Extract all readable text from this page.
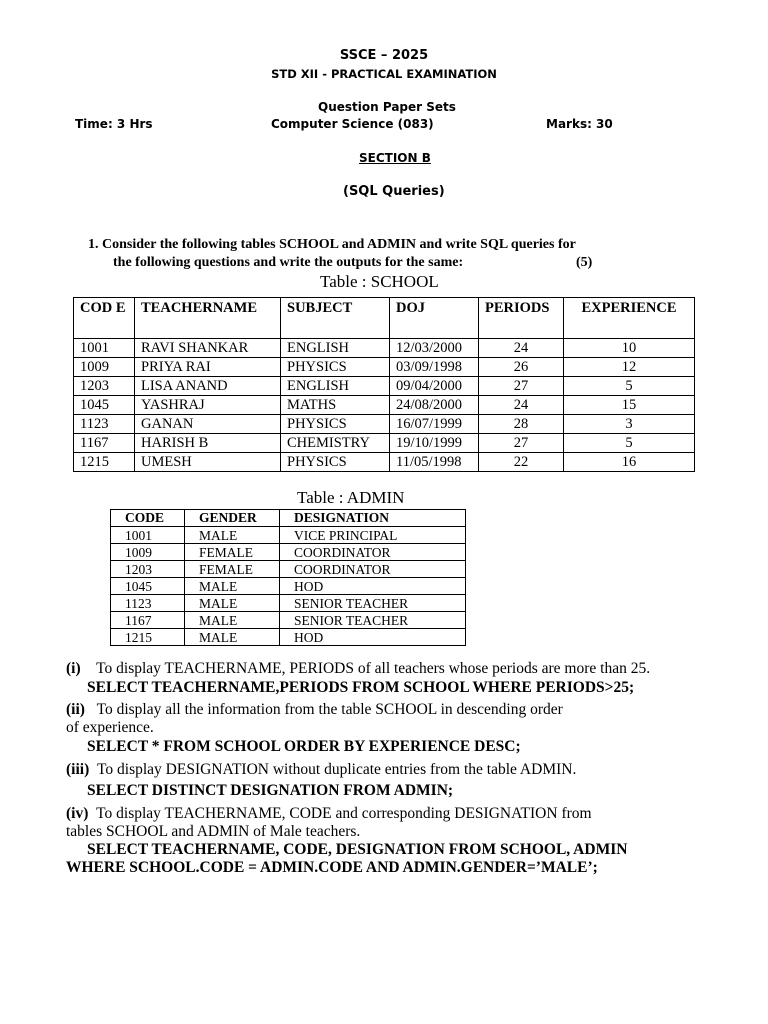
SSCE – 2025
STD XII - PRACTICAL EXAMINATION
Question Paper Sets
Time: 3 Hrs	Computer Science (083)	Marks: 30
SECTION B
(SQL Queries)
1. Consider the following tables SCHOOL and ADMIN and write SQL queries for
the following questions and write the outputs for the same:	(5)
Table : SCHOOL
COD E	TEACHERNAME	SUBJECT	DOJ	PERIODS	EXPERIENCE
1001	RAVI SHANKAR	ENGLISH	12/03/2000	24	10
1009	PRIYA RAI	PHYSICS	03/09/1998	26	12
1203	LISA ANAND	ENGLISH	09/04/2000	27	5
1045	YASHRAJ	MATHS	24/08/2000	24	15
1123	GANAN	PHYSICS	16/07/1999	28	3
1167	HARISH B	CHEMISTRY	19/10/1999	27	5
1215	UMESH	PHYSICS	11/05/1998	22	16
Table : ADMIN
CODE	GENDER	DESIGNATION
1001	MALE	VICE PRINCIPAL
1009	FEMALE	COORDINATOR
1203	FEMALE	COORDINATOR
1045	MALE	HOD
1123	MALE	SENIOR TEACHER
1167	MALE	SENIOR TEACHER
1215	MALE	HOD
(i) To display TEACHERNAME, PERIODS of all teachers whose periods are more than 25.
SELECT TEACHERNAME,PERIODS FROM SCHOOL WHERE PERIODS>25;
(ii) To display all the information from the table SCHOOL in descending order
of experience.
SELECT * FROM SCHOOL ORDER BY EXPERIENCE DESC;
(iii) To display DESIGNATION without duplicate entries from the table ADMIN.
SELECT DISTINCT DESIGNATION FROM ADMIN;
(iv) To display TEACHERNAME, CODE and corresponding DESIGNATION from
tables SCHOOL and ADMIN of Male teachers.
SELECT TEACHERNAME, CODE, DESIGNATION FROM SCHOOL, ADMIN
WHERE SCHOOL.CODE = ADMIN.CODE AND ADMIN.GENDER=’MALE’;
